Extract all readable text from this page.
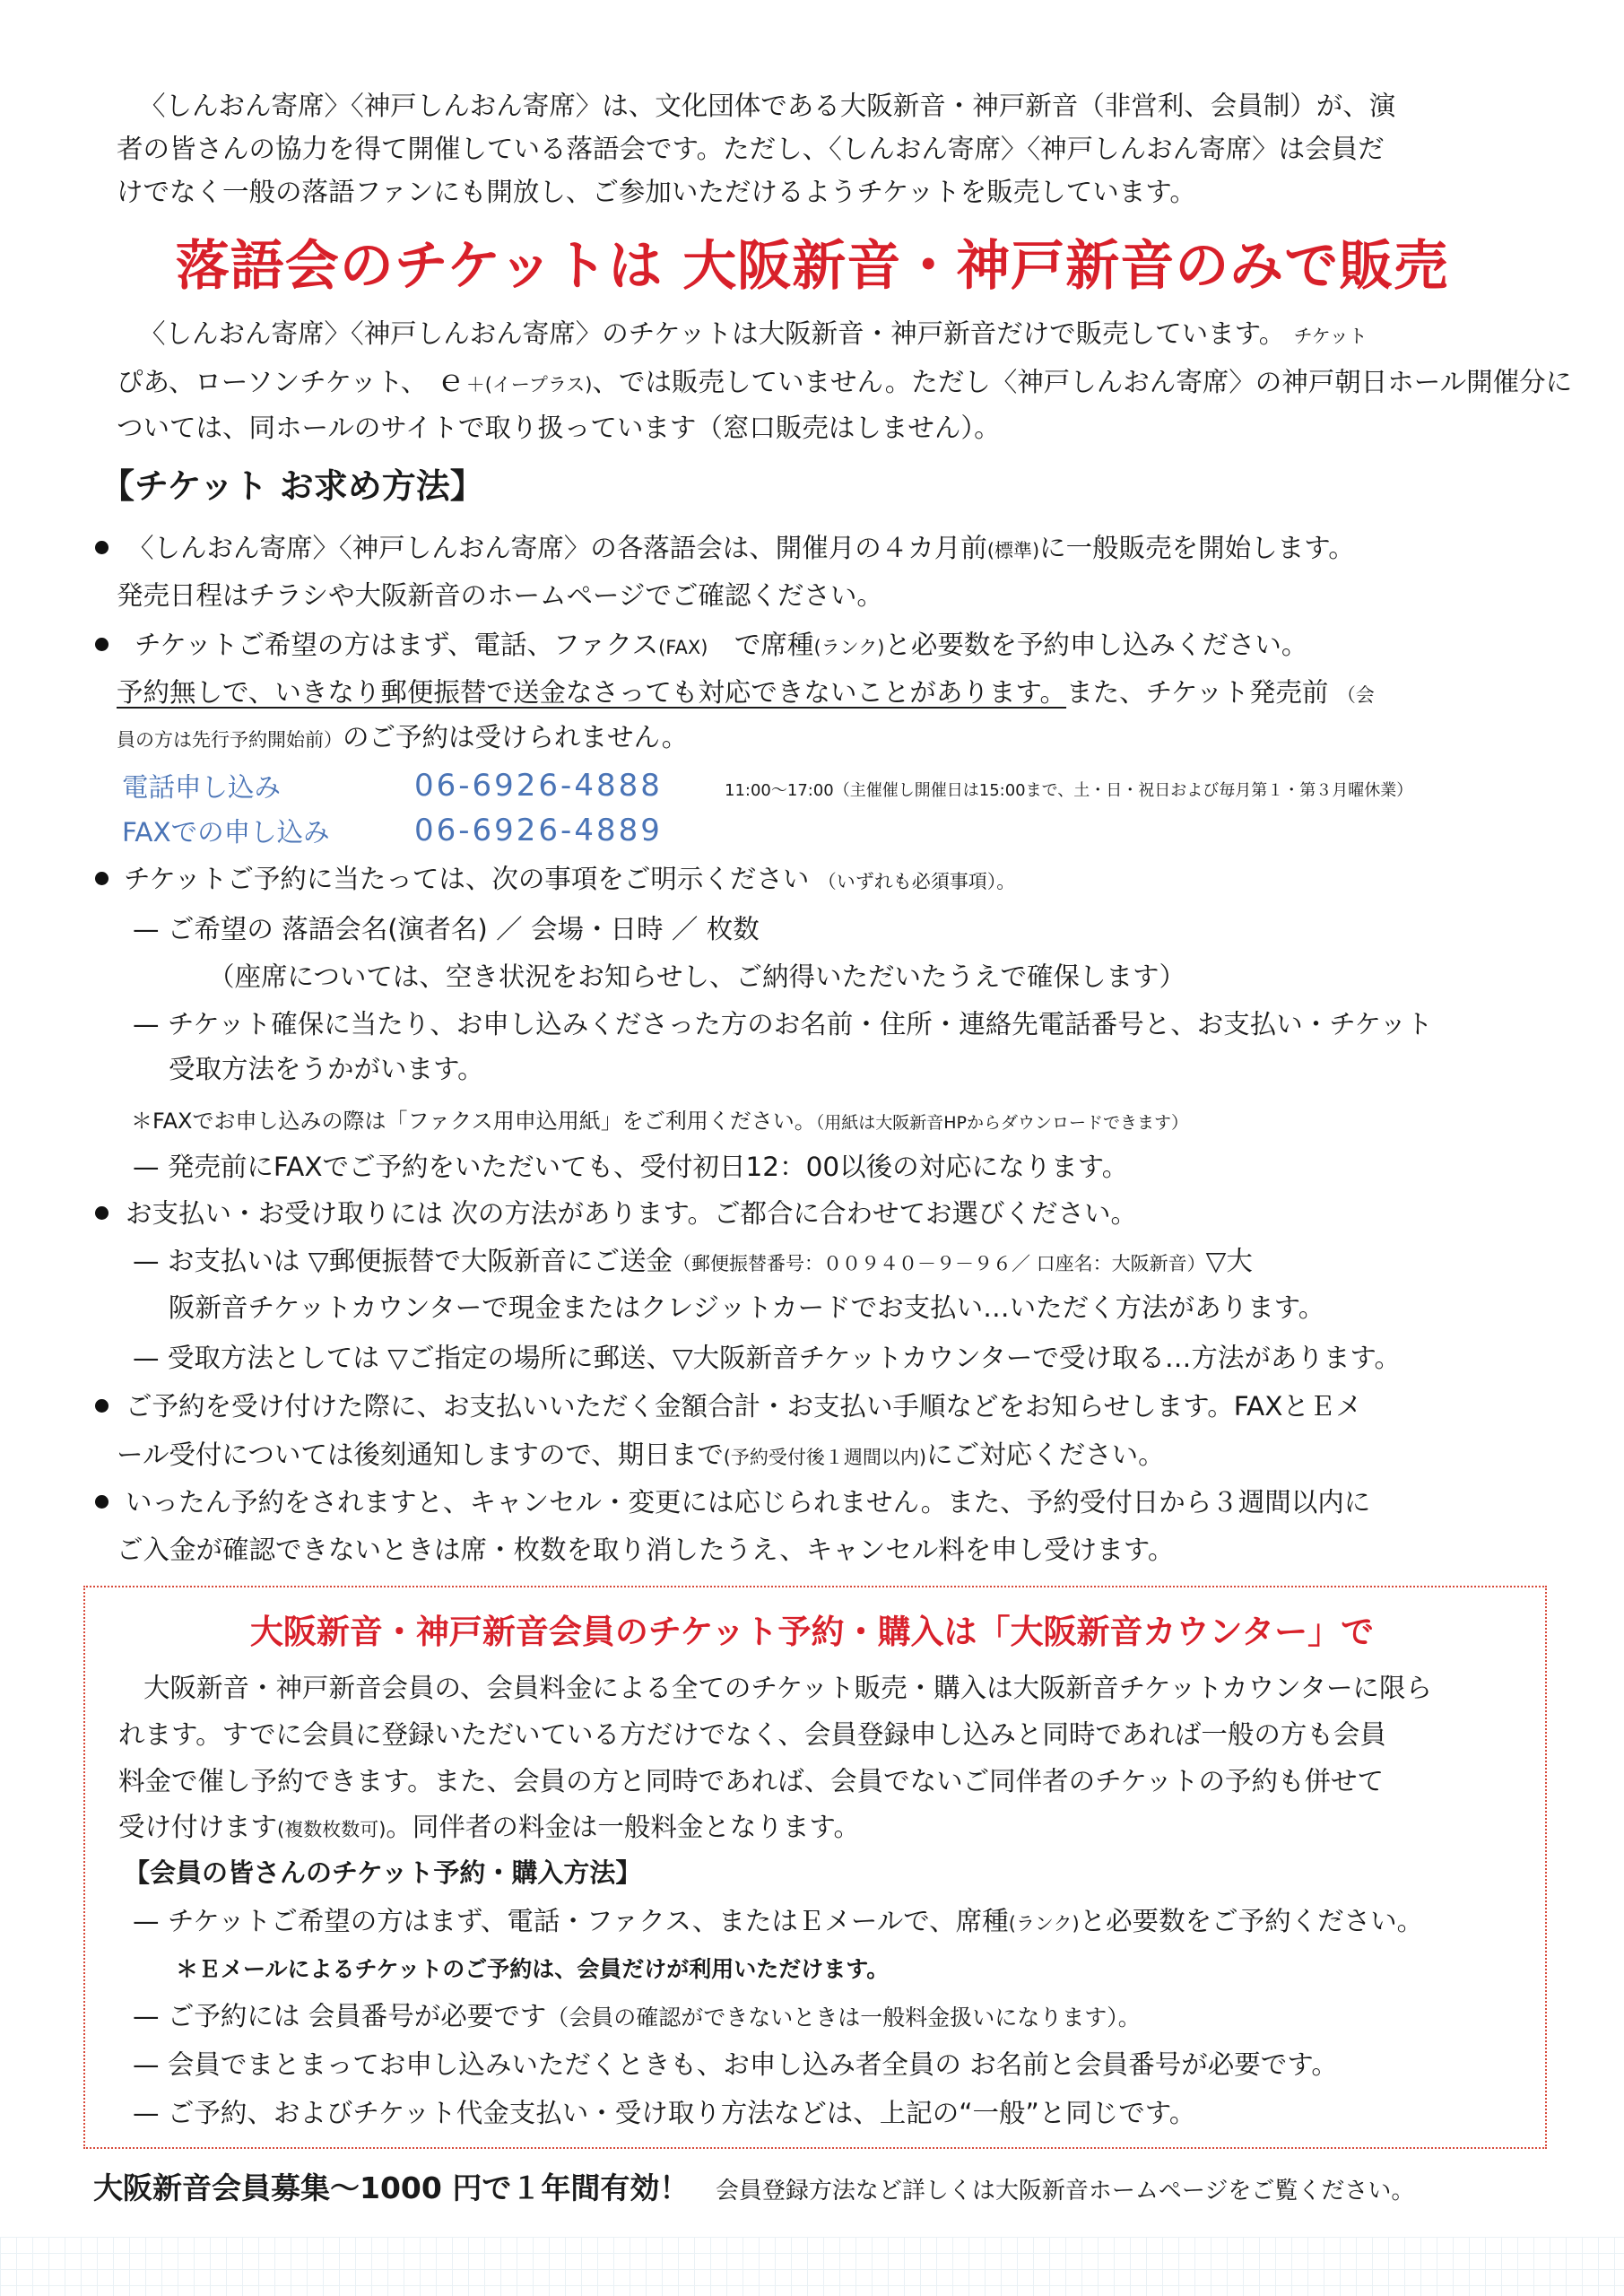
〈しんおん寄席〉〈神戸しんおん寄席〉は、文化団体である大阪新音・神戸新音（非営利、会員制）が、演
者の皆さんの協力を得て開催している落語会です。ただし、〈しんおん寄席〉〈神戸しんおん寄席〉は会員だ
けでなく一般の落語ファンにも開放し、ご参加いただけるようチケットを販売しています。
落語会のチケットは 大阪新音・神戸新音のみで販売
〈しんおん寄席〉〈神戸しんおん寄席〉のチケットは大阪新音・神戸新音だけで販売しています。 チケット
ぴあ、ローソンチケット、 ｅ＋(イープラス)、では販売していません。ただし〈神戸しんおん寄席〉の神戸朝日ホール開催分に
ついては、同ホールのサイトで取り扱っています（窓口販売はしません）。
【チケット お求め方法】
〈しんおん寄席〉〈神戸しんおん寄席〉の各落語会は、開催月の４カ月前(標準)に一般販売を開始します。
発売日程はチラシや大阪新音のホームページでご確認ください。
チケットご希望の方はまず、電話、ファクス(FAX)　 で席種(ランク)と必要数を予約申し込みください。
予約無しで、いきなり郵便振替で送金なさっても対応できないことがあります。また、チケット発売前 （会
員の方は先行予約開始前）のご予約は受けられません。
電話申し込み	06-6926-4888	11:00～17:00（主催催し開催日は15:00まで、土・日・祝日および毎月第１・第３月曜休業）
FAXでの申し込み	06-6926-4889
チケットご予約に当たっては、次の事項をご明示ください （いずれも必須事項）。
— ご希望の 落語会名(演者名) ／ 会場・日時 ／ 枚数
（座席については、空き状況をお知らせし、ご納得いただいたうえで確保します）
— チケット確保に当たり、お申し込みくださった方のお名前・住所・連絡先電話番号と、お支払い・チケット
受取方法をうかがいます。
＊FAXでお申し込みの際は「ファクス用申込用紙」をご利用ください。（用紙は大阪新音HPからダウンロードできます）
— 発売前にFAXでご予約をいただいても、受付初日12：00以後の対応になります。
お支払い・お受け取りには 次の方法があります。ご都合に合わせてお選びください。
— お支払いは ▽郵便振替で大阪新音にご送金（郵便振替番号：００９４０－９－９６／ 口座名：大阪新音）▽大
阪新音チケットカウンターで現金またはクレジットカードでお支払い…いただく方法があります。
— 受取方法としては ▽ご指定の場所に郵送、▽大阪新音チケットカウンターで受け取る…方法があります。
ご予約を受け付けた際に、お支払いいただく金額合計・お支払い手順などをお知らせします。FAXとＥメ
ール受付については後刻通知しますので、期日まで(予約受付後１週間以内)にご対応ください。
いったん予約をされますと、キャンセル・変更には応じられません。また、予約受付日から３週間以内に
ご入金が確認できないときは席・枚数を取り消したうえ、キャンセル料を申し受けます。
大阪新音・神戸新音会員のチケット予約・購入は「大阪新音カウンター」で
大阪新音・神戸新音会員の、会員料金による全てのチケット販売・購入は大阪新音チケットカウンターに限ら
れます。すでに会員に登録いただいている方だけでなく、会員登録申し込みと同時であれば一般の方も会員
料金で催し予約できます。また、会員の方と同時であれば、会員でないご同伴者のチケットの予約も併せて
受け付けます(複数枚数可)。同伴者の料金は一般料金となります。
【会員の皆さんのチケット予約・購入方法】
— チケットご希望の方はまず、電話・ファクス、またはＥメールで、席種(ランク)と必要数をご予約ください。
＊Ｅメールによるチケットのご予約は、会員だけが利用いただけます。
— ご予約には 会員番号が必要です（会員の確認ができないときは一般料金扱いになります）。
— 会員でまとまってお申し込みいただくときも、お申し込み者全員の お名前と会員番号が必要です。
— ご予約、およびチケット代金支払い・受け取り方法などは、上記の“一般”と同じです。
大阪新音会員募集～1000 円で１年間有効！　 会員登録方法など詳しくは大阪新音ホームページをご覧ください。
